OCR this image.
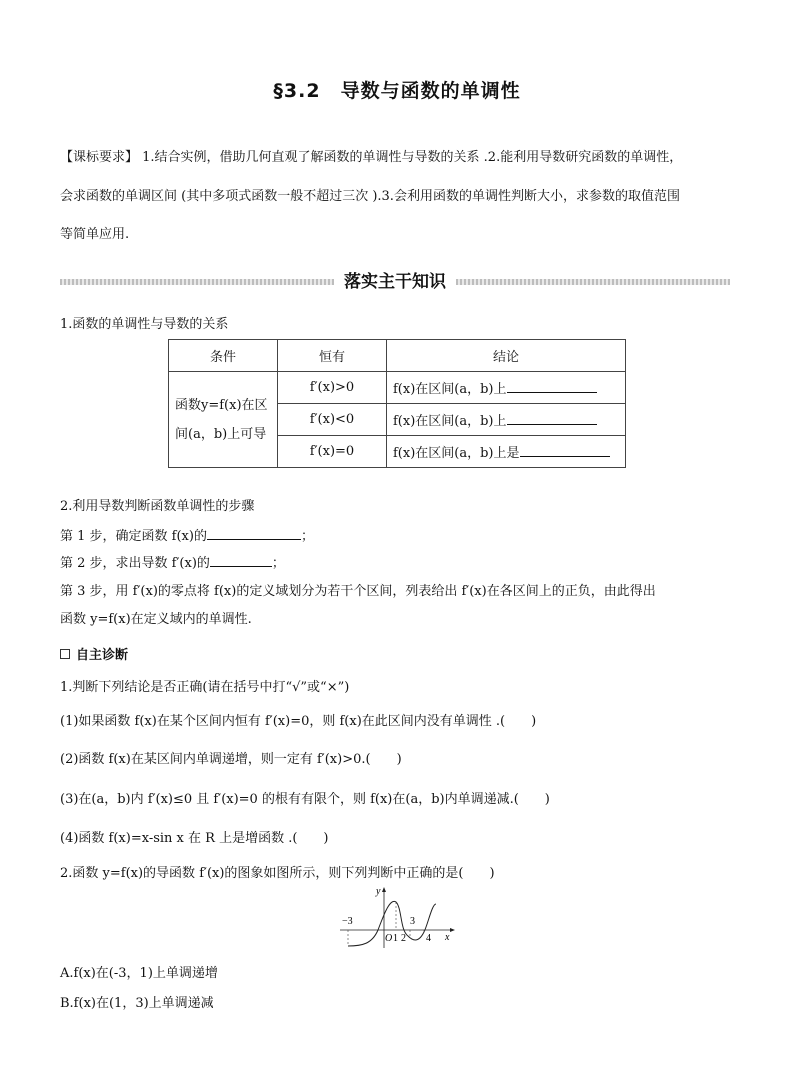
§3.2　导数与函数的单调性
【课标要求】 1.结合实例，借助几何直观了解函数的单调性与导数的关系 .2.能利用导数研究函数的单调性，
会求函数的单调区间 (其中多项式函数一般不超过三次 ).3.会利用函数的单调性判断大小，求参数的取值范围
等简单应用.
落实主干知识
1.函数的单调性与导数的关系
条件	恒有	结论

函数y=f(x)在区
间(a，b)上可导	f′(x)>0	f(x)在区间(a，b)上
	f′(x)<0	f(x)在区间(a，b)上
	f′(x)=0	f(x)在区间(a，b)上是
2.利用导数判断函数单调性的步骤
第 1 步，确定函数 f(x)的	；
第 2 步，求出导数 f′(x)的	；
第 3 步，用 f′(x)的零点将 f(x)的定义域划分为若干个区间，列表给出 f′(x)在各区间上的正负，由此得出
函数 y=f(x)在定义域内的单调性.
自主诊断
1.判断下列结论是否正确(请在括号中打“√”或“×”)
(1)如果函数 f(x)在某个区间内恒有 f′(x)=0，则 f(x)在此区间内没有单调性 .(　　)
(2)函数 f(x)在某区间内单调递增，则一定有 f′(x)>0.(　　)
(3)在(a，b)内 f′(x)≤0 且 f′(x)=0 的根有有限个，则 f(x)在(a，b)内单调递减.(　　)
(4)函数 f(x)=x-sin x 在 R 上是增函数 .(　　)
2.函数 y=f(x)的导函数 f′(x)的图象如图所示，则下列判断中正确的是(　　)
y
x
−3
O 1 2
3
4
A.f(x)在(-3，1)上单调递增
B.f(x)在(1，3)上单调递减
